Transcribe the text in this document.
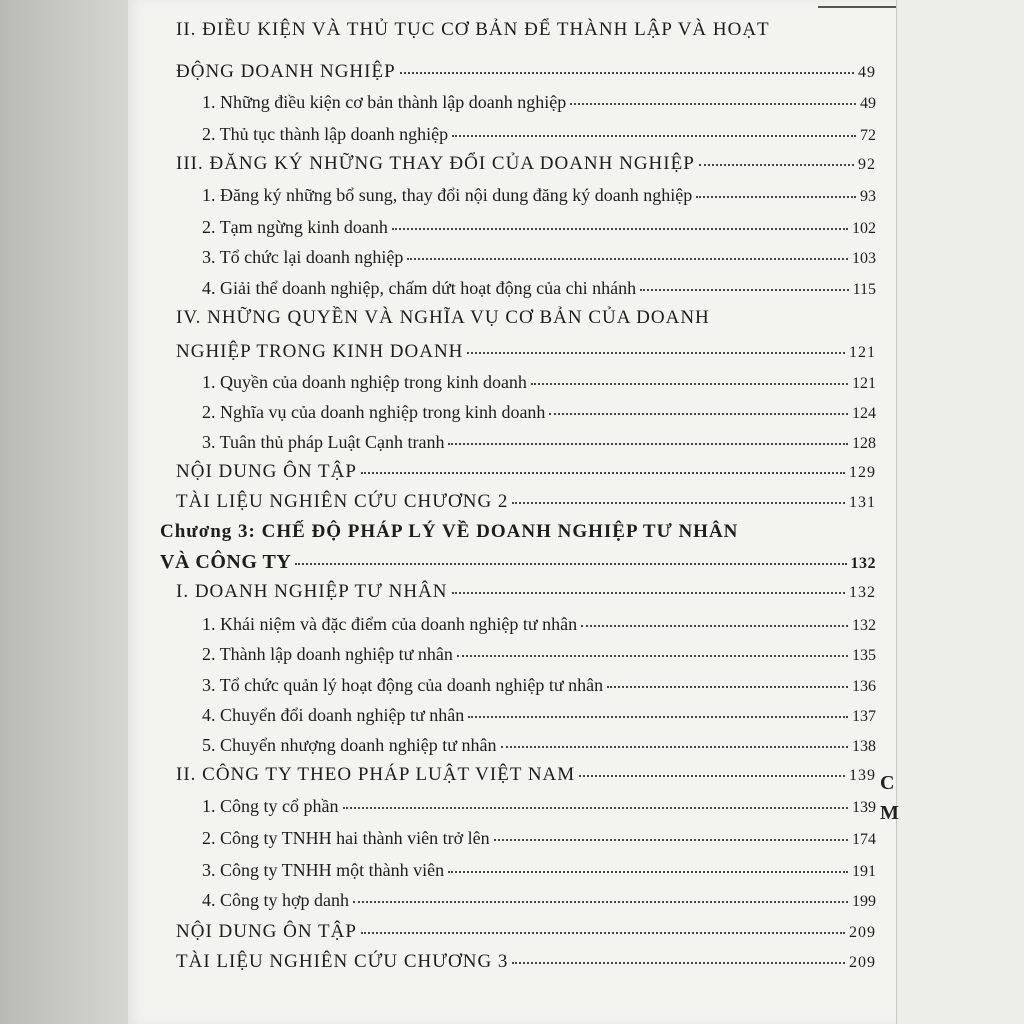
II. ĐIỀU KIỆN VÀ THỦ TỤC CƠ BẢN ĐỂ THÀNH LẬP VÀ HOẠT
ĐỘNG DOANH NGHIỆP	49
1. Những điều kiện cơ bản thành lập doanh nghiệp	49
2. Thủ tục thành lập doanh nghiệp	72
III. ĐĂNG KÝ NHỮNG THAY ĐỔI CỦA DOANH NGHIỆP	92
1. Đăng ký những bổ sung, thay đổi nội dung đăng ký doanh nghiệp	93
2. Tạm ngừng kinh doanh	102
3. Tổ chức lại doanh nghiệp	103
4. Giải thể doanh nghiệp, chấm dứt hoạt động của chi nhánh	115
IV. NHỮNG QUYỀN VÀ NGHĨA VỤ CƠ BẢN CỦA DOANH
NGHIỆP TRONG KINH DOANH	121
1. Quyền của doanh nghiệp trong kinh doanh	121
2. Nghĩa vụ của doanh nghiệp trong kinh doanh	124
3. Tuân thủ pháp Luật Cạnh tranh	128
NỘI DUNG ÔN TẬP	129
TÀI LIỆU NGHIÊN CỨU CHƯƠNG 2	131
Chương 3: CHẾ ĐỘ PHÁP LÝ VỀ DOANH NGHIỆP TƯ NHÂN
VÀ CÔNG TY	132
I. DOANH NGHIỆP TƯ NHÂN	132
1. Khái niệm và đặc điểm của doanh nghiệp tư nhân	132
2. Thành lập doanh nghiệp tư nhân	135
3. Tổ chức quản lý hoạt động của doanh nghiệp tư nhân	136
4. Chuyển đổi doanh nghiệp tư nhân	137
5. Chuyển nhượng doanh nghiệp tư nhân	138
II. CÔNG TY THEO PHÁP LUẬT VIỆT NAM	139
1. Công ty cổ phần	139
2. Công ty TNHH hai thành viên trở lên	174
3. Công ty TNHH một thành viên	191
4. Công ty hợp danh	199
NỘI DUNG ÔN TẬP	209
TÀI LIỆU NGHIÊN CỨU CHƯƠNG 3	209
C
M
